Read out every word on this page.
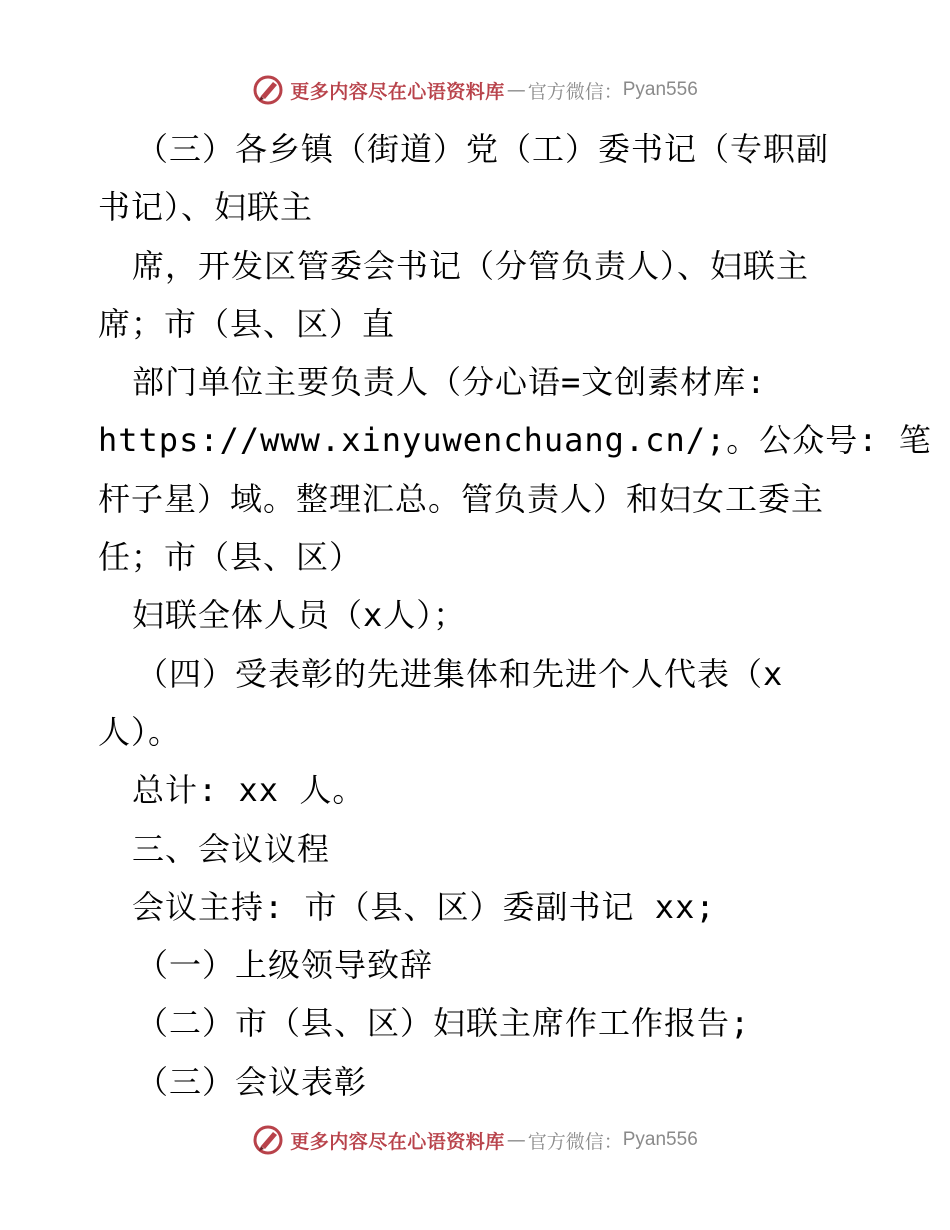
更多内容尽在心语资料库 — 官方微信： Pyan556
（三）各乡镇（街道）党（工）委书记（专职副
书记）、妇联主
席，开发区管委会书记（分管负责人）、妇联主
席；市（县、区）直
部门单位主要负责人（分心语=文创素材库:
https://www.xinyuwenchuang.cn/;。公众号: 笔
杆子星）域。整理汇总。管负责人）和妇女工委主
任；市（县、区）
妇联全体人员（x人）；
（四）受表彰的先进集体和先进个人代表（x
人）。
总计: xx 人。
三、会议议程
会议主持: 市（县、区）委副书记 xx;
（一）上级领导致辞
（二）市（县、区）妇联主席作工作报告;
（三）会议表彰
更多内容尽在心语资料库 — 官方微信： Pyan556
